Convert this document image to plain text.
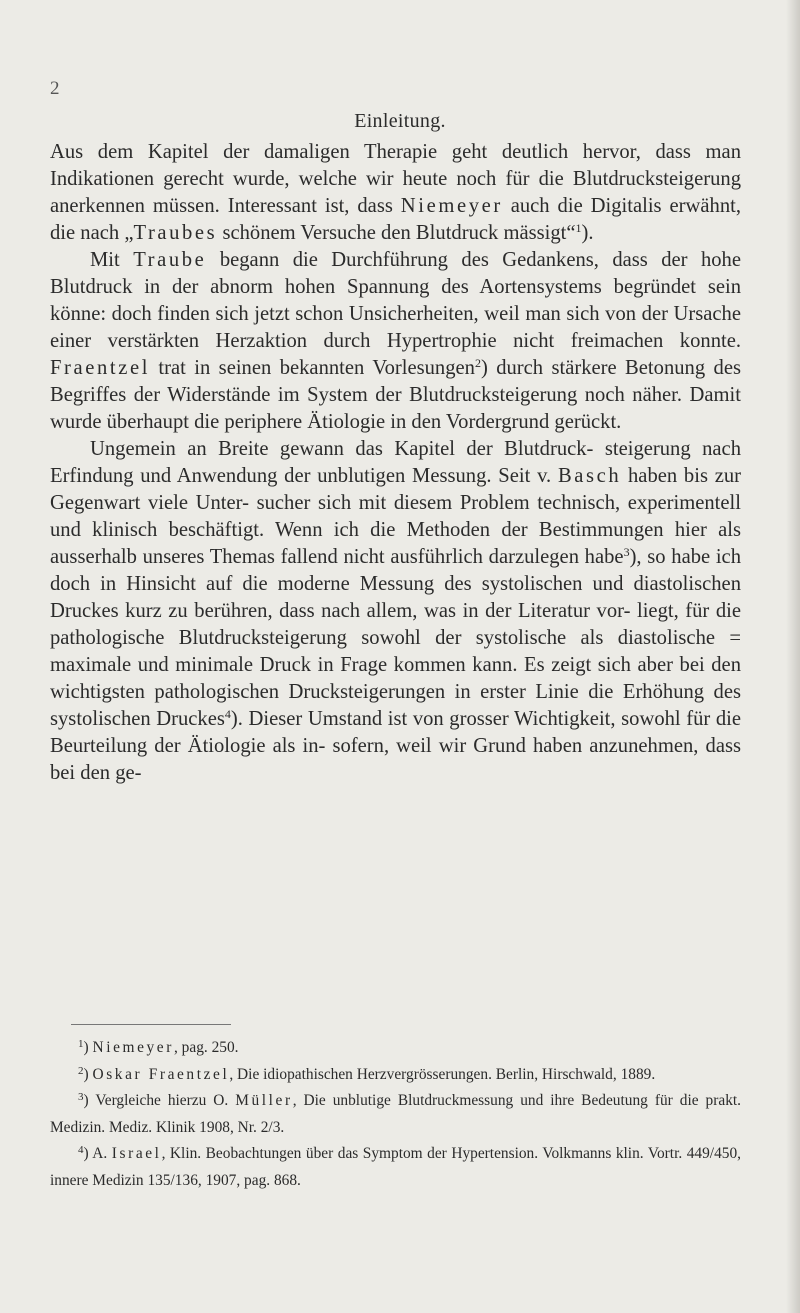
2
Einleitung.

Aus dem Kapitel der damaligen Therapie geht deutlich hervor, dass man Indikationen gerecht wurde, welche wir heute noch für die Blutdrucksteigerung anerkennen müssen. Interessant ist, dass Niemeyer auch die Digitalis erwähnt, die nach „Traubes schönem Versuche den Blutdruck mässigt“$^1$).

Mit Traube begann die Durchführung des Gedankens, dass der hohe Blutdruck in der abnorm hohen Spannung des Aortensystems begründet sein könne: doch finden sich jetzt schon Unsicherheiten, weil man sich von der Ursache einer verstärkten Herzaktion durch Hypertrophie nicht freimachen konnte. Fraentzel trat in seinen bekannten Vorlesungen$^2$) durch stärkere Betonung des Begriffes der Widerstände im System der Blutdrucksteigerung noch näher. Damit wurde überhaupt die periphere Ätiologie in den Vordergrund gerückt.

Ungemein an Breite gewann das Kapitel der Blutdruck- steigerung nach Erfindung und Anwendung der unblutigen Messung. Seit v. Basch haben bis zur Gegenwart viele Unter- sucher sich mit diesem Problem technisch, experimentell und klinisch beschäftigt. Wenn ich die Methoden der Bestimmungen hier als ausserhalb unseres Themas fallend nicht ausführlich darzulegen habe$^3$), so habe ich doch in Hinsicht auf die moderne Messung des systolischen und diastolischen Druckes kurz zu berühren, dass nach allem, was in der Literatur vor- liegt, für die pathologische Blutdrucksteigerung sowohl der systolische als diastolische = maximale und minimale Druck in Frage kommen kann. Es zeigt sich aber bei den wichtigsten pathologischen Drucksteigerungen in erster Linie die Erhöhung des systolischen Druckes$^4$). Dieser Umstand ist von grosser Wichtigkeit, sowohl für die Beurteilung der Ätiologie als in- sofern, weil wir Grund haben anzunehmen, dass bei den ge-

$^1$) Niemeyer, pag. 250.

$^2$) Oskar Fraentzel, Die idiopathischen Herzvergrösserungen. Berlin, Hirschwald, 1889.

$^3$) Vergleiche hierzu O. Müller, Die unblutige Blutdruckmessung und ihre Bedeutung für die prakt. Medizin. Mediz. Klinik 1908, Nr. 2/3.

$^4$) A. Israel, Klin. Beobachtungen über das Symptom der Hypertension. Volkmanns klin. Vortr. 449/450, innere Medizin 135/136, 1907, pag. 868.
